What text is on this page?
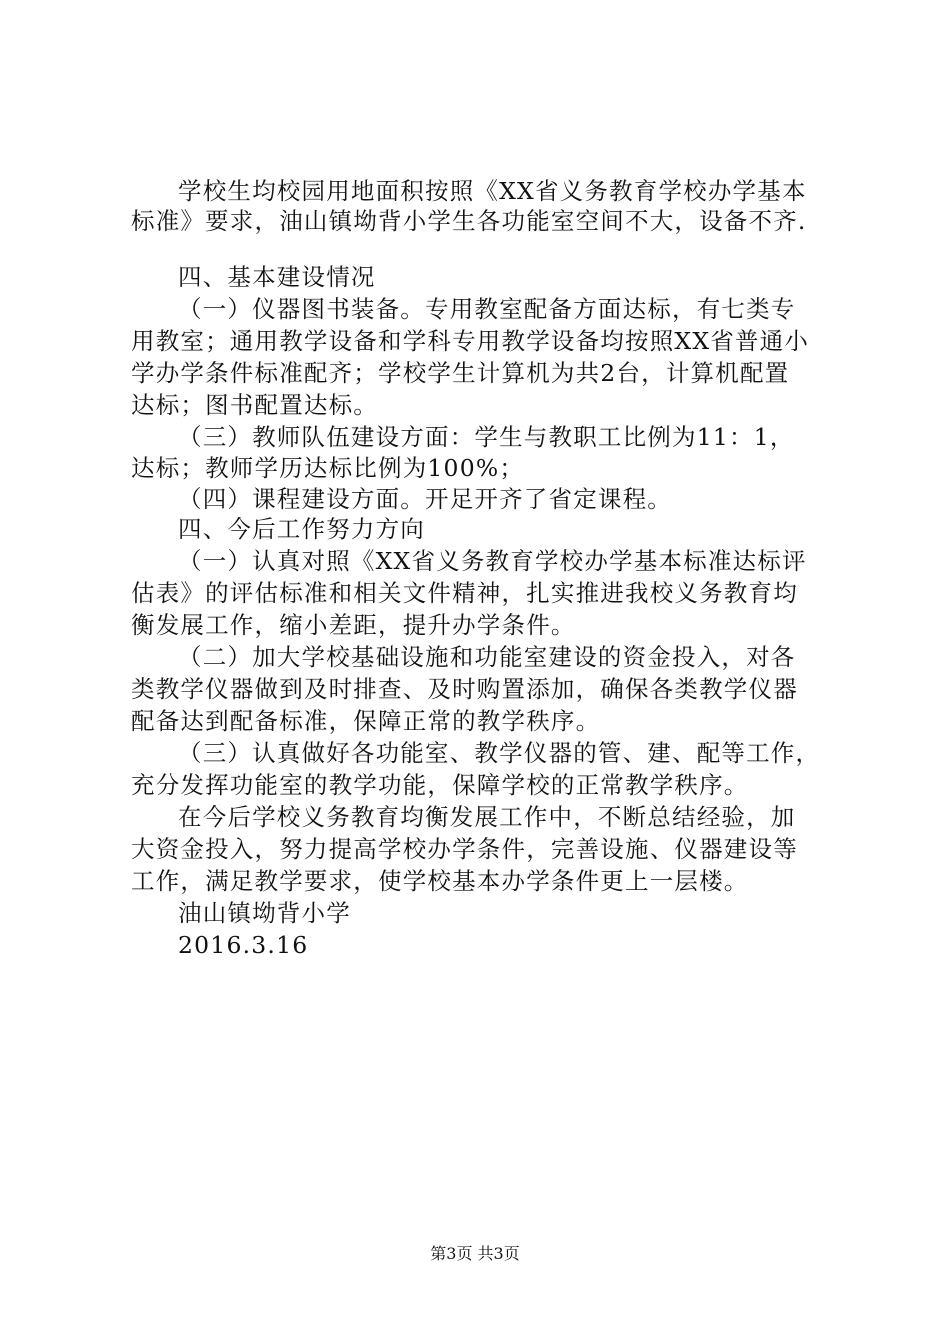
学校生均校园用地面积按照《XX省义务教育学校办学基本
标准》要求，油山镇坳背小学生各功能室空间不大，设备不齐.
四、基本建设情况
（一）仪器图书装备。专用教室配备方面达标，有七类专
用教室；通用教学设备和学科专用教学设备均按照XX省普通小
学办学条件标准配齐；学校学生计算机为共2台，计算机配置
达标；图书配置达标。
（三）教师队伍建设方面：学生与教职工比例为11：1，
达标；教师学历达标比例为100%；
（四）课程建设方面。开足开齐了省定课程。
四、今后工作努力方向
（一）认真对照《XX省义务教育学校办学基本标准达标评
估表》的评估标准和相关文件精神，扎实推进我校义务教育均
衡发展工作，缩小差距，提升办学条件。
（二）加大学校基础设施和功能室建设的资金投入，对各
类教学仪器做到及时排查、及时购置添加，确保各类教学仪器
配备达到配备标准，保障正常的教学秩序。
（三）认真做好各功能室、教学仪器的管、建、配等工作，
充分发挥功能室的教学功能，保障学校的正常教学秩序。
在今后学校义务教育均衡发展工作中，不断总结经验，加
大资金投入，努力提高学校办学条件，完善设施、仪器建设等
工作，满足教学要求，使学校基本办学条件更上一层楼。
油山镇坳背小学
2016.3.16
第3页 共3页
